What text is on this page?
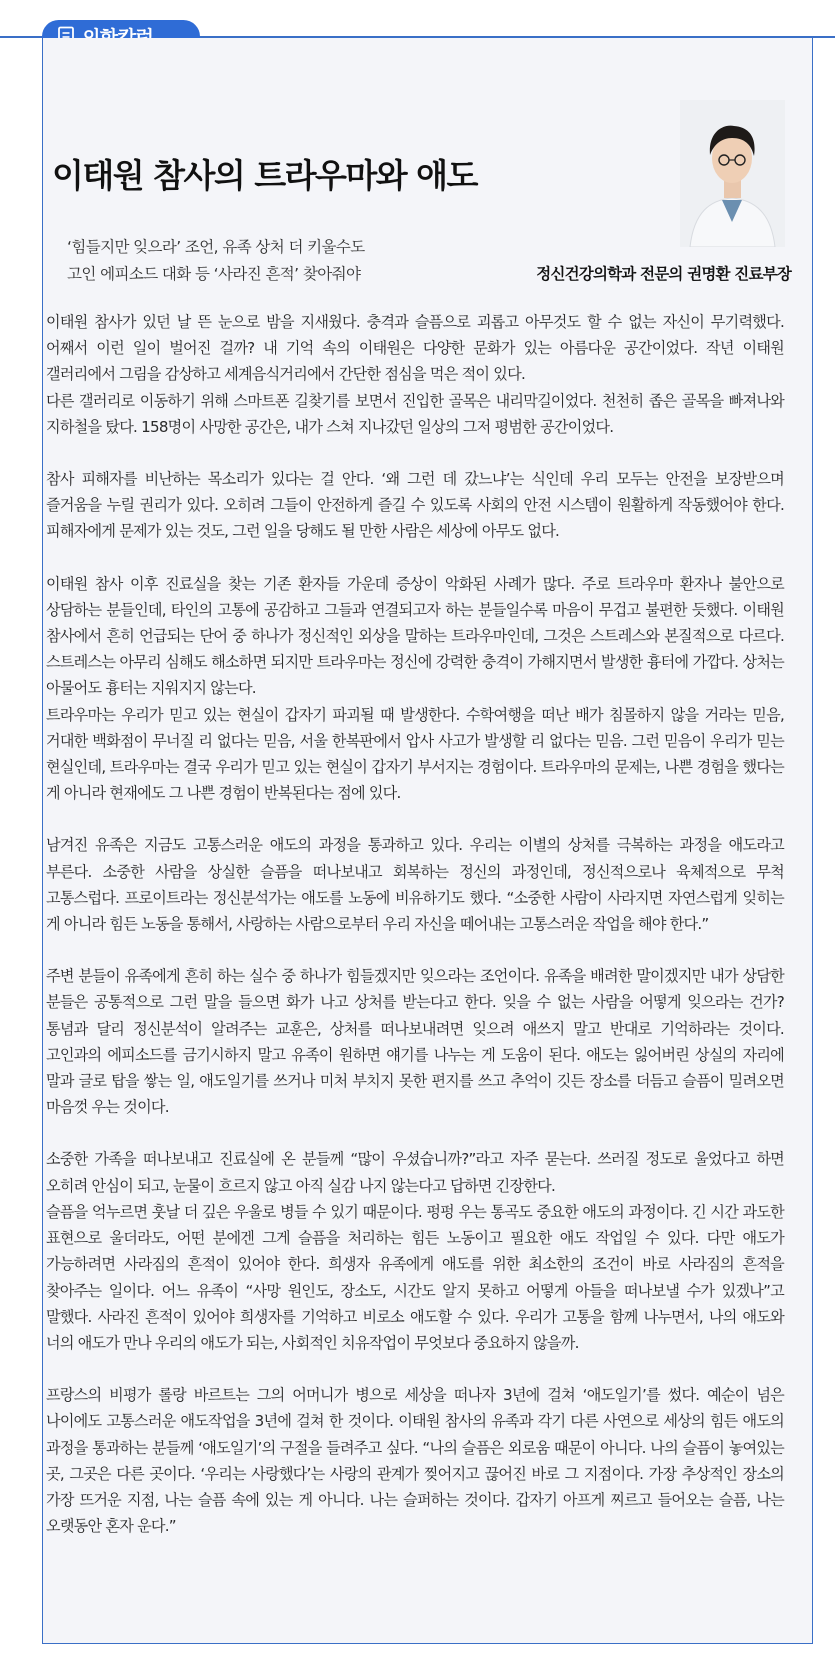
이태원 참사의 트라우마와 애도
‘힘들지만 잊으라’ 조언, 유족 상처 더 키울수도
고인 에피소드 대화 등 ‘사라진 흔적’ 찾아줘야	정신건강의학과 전문의 권명환 진료부장

이태원 참사가 있던 날 뜬 눈으로 밤을 지새웠다. 충격과 슬픔으로 괴롭고 아무것도 할 수 없는 자신이 무기력했다. 어째서 이런 일이 벌어진 걸까? 내 기억 속의 이태원은 다양한 문화가 있는 아름다운 공간이었다. 작년 이태원 갤러리에서 그림을 감상하고 세계음식거리에서 간단한 점심을 먹은 적이 있다.

다른 갤러리로 이동하기 위해 스마트폰 길찾기를 보면서 진입한 골목은 내리막길이었다. 천천히 좁은 골목을 빠져나와 지하철을 탔다. 158명이 사망한 공간은, 내가 스쳐 지나갔던 일상의 그저 평범한 공간이었다.

참사 피해자를 비난하는 목소리가 있다는 걸 안다. ‘왜 그런 데 갔느냐’는 식인데 우리 모두는 안전을 보장받으며 즐거움을 누릴 권리가 있다. 오히려 그들이 안전하게 즐길 수 있도록 사회의 안전 시스템이 원활하게 작동했어야 한다. 피해자에게 문제가 있는 것도, 그런 일을 당해도 될 만한 사람은 세상에 아무도 없다.

이태원 참사 이후 진료실을 찾는 기존 환자들 가운데 증상이 악화된 사례가 많다. 주로 트라우마 환자나 불안으로 상담하는 분들인데, 타인의 고통에 공감하고 그들과 연결되고자 하는 분들일수록 마음이 무겁고 불편한 듯했다. 이태원 참사에서 흔히 언급되는 단어 중 하나가 정신적인 외상을 말하는 트라우마인데, 그것은 스트레스와 본질적으로 다르다. 스트레스는 아무리 심해도 해소하면 되지만 트라우마는 정신에 강력한 충격이 가해지면서 발생한 흉터에 가깝다. 상처는 아물어도 흉터는 지워지지 않는다.

트라우마는 우리가 믿고 있는 현실이 갑자기 파괴될 때 발생한다. 수학여행을 떠난 배가 침몰하지 않을 거라는 믿음, 거대한 백화점이 무너질 리 없다는 믿음, 서울 한복판에서 압사 사고가 발생할 리 없다는 믿음. 그런 믿음이 우리가 믿는 현실인데, 트라우마는 결국 우리가 믿고 있는 현실이 갑자기 부서지는 경험이다. 트라우마의 문제는, 나쁜 경험을 했다는 게 아니라 현재에도 그 나쁜 경험이 반복된다는 점에 있다.

남겨진 유족은 지금도 고통스러운 애도의 과정을 통과하고 있다. 우리는 이별의 상처를 극복하는 과정을 애도라고 부른다. 소중한 사람을 상실한 슬픔을 떠나보내고 회복하는 정신의 과정인데, 정신적으로나 육체적으로 무척 고통스럽다. 프로이트라는 정신분석가는 애도를 노동에 비유하기도 했다. “소중한 사람이 사라지면 자연스럽게 잊히는 게 아니라 힘든 노동을 통해서, 사랑하는 사람으로부터 우리 자신을 떼어내는 고통스러운 작업을 해야 한다.”

주변 분들이 유족에게 흔히 하는 실수 중 하나가 힘들겠지만 잊으라는 조언이다. 유족을 배려한 말이겠지만 내가 상담한 분들은 공통적으로 그런 말을 들으면 화가 나고 상처를 받는다고 한다. 잊을 수 없는 사람을 어떻게 잊으라는 건가? 통념과 달리 정신분석이 알려주는 교훈은, 상처를 떠나보내려면 잊으려 애쓰지 말고 반대로 기억하라는 것이다. 고인과의 에피소드를 금기시하지 말고 유족이 원하면 얘기를 나누는 게 도움이 된다. 애도는 잃어버린 상실의 자리에 말과 글로 탑을 쌓는 일, 애도일기를 쓰거나 미처 부치지 못한 편지를 쓰고 추억이 깃든 장소를 더듬고 슬픔이 밀려오면 마음껏 우는 것이다.

소중한 가족을 떠나보내고 진료실에 온 분들께 “많이 우셨습니까?”라고 자주 묻는다. 쓰러질 정도로 울었다고 하면 오히려 안심이 되고, 눈물이 흐르지 않고 아직 실감 나지 않는다고 답하면 긴장한다.

슬픔을 억누르면 훗날 더 깊은 우울로 병들 수 있기 때문이다. 펑펑 우는 통곡도 중요한 애도의 과정이다. 긴 시간 과도한 표현으로 울더라도, 어떤 분에겐 그게 슬픔을 처리하는 힘든 노동이고 필요한 애도 작업일 수 있다. 다만 애도가 가능하려면 사라짐의 흔적이 있어야 한다. 희생자 유족에게 애도를 위한 최소한의 조건이 바로 사라짐의 흔적을 찾아주는 일이다. 어느 유족이 “사망 원인도, 장소도, 시간도 알지 못하고 어떻게 아들을 떠나보낼 수가 있겠나”고 말했다. 사라진 흔적이 있어야 희생자를 기억하고 비로소 애도할 수 있다. 우리가 고통을 함께 나누면서, 나의 애도와 너의 애도가 만나 우리의 애도가 되는, 사회적인 치유작업이 무엇보다 중요하지 않을까.

프랑스의 비평가 롤랑 바르트는 그의 어머니가 병으로 세상을 떠나자 3년에 걸쳐 ‘애도일기’를 썼다. 예순이 넘은 나이에도 고통스러운 애도작업을 3년에 걸쳐 한 것이다. 이태원 참사의 유족과 각기 다른 사연으로 세상의 힘든 애도의 과정을 통과하는 분들께 ‘애도일기’의 구절을 들려주고 싶다. “나의 슬픔은 외로움 때문이 아니다. 나의 슬픔이 놓여있는 곳, 그곳은 다른 곳이다. ‘우리는 사랑했다’는 사랑의 관계가 찢어지고 끊어진 바로 그 지점이다. 가장 추상적인 장소의 가장 뜨거운 지점, 나는 슬픔 속에 있는 게 아니다. 나는 슬퍼하는 것이다. 갑자기 아프게 찌르고 들어오는 슬픔, 나는 오랫동안 혼자 운다.”
